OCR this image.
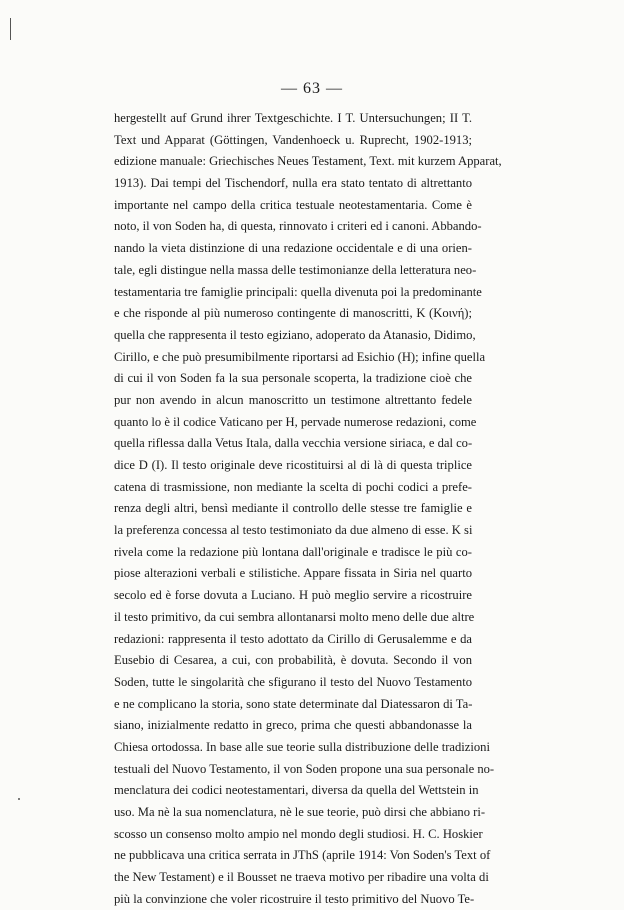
— 63 —
hergestellt auf Grund ihrer Textgeschichte. I T. Untersuchungen; II T.
Text und Apparat (Göttingen, Vandenhoeck u. Ruprecht, 1902-1913;
edizione manuale: Griechisches Neues Testament, Text. mit kurzem Apparat,
1913). Dai tempi del Tischendorf, nulla era stato tentato di altrettanto
importante nel campo della critica testuale neotestamentaria. Come è
noto, il von Soden ha, di questa, rinnovato i criteri ed i canoni. Abbando-
nando la vieta distinzione di una redazione occidentale e di una orien-
tale, egli distingue nella massa delle testimonianze della letteratura neo-
testamentaria tre famiglie principali: quella divenuta poi la predominante
e che risponde al più numeroso contingente di manoscritti, K (Κοινή);
quella che rappresenta il testo egiziano, adoperato da Atanasio, Didimo,
Cirillo, e che può presumibilmente riportarsi ad Esichio (H); infine quella
di cui il von Soden fa la sua personale scoperta, la tradizione cioè che
pur non avendo in alcun manoscritto un testimone altrettanto fedele
quanto lo è il codice Vaticano per H, pervade numerose redazioni, come
quella riflessa dalla Vetus Itala, dalla vecchia versione siriaca, e dal co-
dice D (I). Il testo originale deve ricostituirsi al di là di questa triplice
catena di trasmissione, non mediante la scelta di pochi codici a prefe-
renza degli altri, bensì mediante il controllo delle stesse tre famiglie e
la preferenza concessa al testo testimoniato da due almeno di esse. K si
rivela come la redazione più lontana dall'originale e tradisce le più co-
piose alterazioni verbali e stilistiche. Appare fissata in Siria nel quarto
secolo ed è forse dovuta a Luciano. H può meglio servire a ricostruire
il testo primitivo, da cui sembra allontanarsi molto meno delle due altre
redazioni: rappresenta il testo adottato da Cirillo di Gerusalemme e da
Eusebio di Cesarea, a cui, con probabilità, è dovuta. Secondo il von
Soden, tutte le singolarità che sfigurano il testo del Nuovo Testamento
e ne complicano la storia, sono state determinate dal Diatessaron di Ta-
siano, inizialmente redatto in greco, prima che questi abbandonasse la
Chiesa ortodossa. In base alle sue teorie sulla distribuzione delle tradizioni
testuali del Nuovo Testamento, il von Soden propone una sua personale no-
menclatura dei codici neotestamentari, diversa da quella del Wettstein in
uso. Ma nè la sua nomenclatura, nè le sue teorie, può dirsi che abbiano ri-
scosso un consenso molto ampio nel mondo degli studiosi. H. C. Hoskier
ne pubblicava una critica serrata in JThS (aprile 1914: Von Soden's Text of
the New Testament) e il Bousset ne traeva motivo per ribadire una volta di
più la convinzione che voler ricostruire il testo primitivo del Nuovo Te-
